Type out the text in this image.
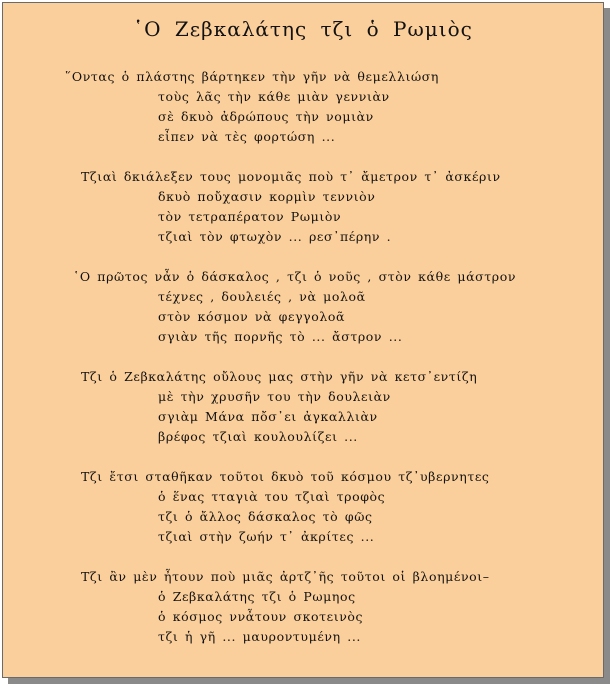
῾Ο Ζεβκαλάτης τζι ὁ Ρωμιὸς
῞Οντας ὁ πλάστης βάρτηκεν τὴν γῆν νὰ θεμελλιώση
τοὺς λᾶς τὴν κάθε μιὰν γεννιὰν
σὲ δκυὸ ἀδρώπους τὴν νομιὰν
εἶπεν νὰ τὲς φορτώση ...
Τζιαὶ δκιάλεξεν τους μονομιᾶς ποὺ τ᾽ ἄμετρον τ᾽ ἀσκέριν
δκυὸ ποὔχασιν κορμὶν τεννιὸν
τὸν τετραπέρατον Ρωμιὸν
τζιαὶ τὸν φτωχὸν ... ρεσ᾽πέρην .
῾Ο πρῶτος νἆν ὁ δάσκαλος , τζι ὁ νοῦς , στὸν κάθε μάστρον
τέχνες , δουλειές , νὰ μολοᾶ
στὸν κόσμον νὰ φεγγολοᾶ
σγιὰν τῆς πορνῆς τὸ ... ἄστρον ...
Τζι ὁ Ζεβκαλάτης οὔλους μας στὴν γῆν νὰ κετσ᾽εντίζη
μὲ τὴν χρυσῆν του τὴν δουλειὰν
σγιὰμ Μάνα πὄσ᾽ει ἀγκαλλιὰν
βρέφος τζιαὶ κουλουλίζει ...
Τζι ἔτσι σταθῆκαν τοῦτοι δκυὸ τοῦ κόσμου τζ᾽υβερνητες
ὁ ἕνας τταγιὰ του τζιαὶ τροφὸς
τζι ὁ ἄλλος δάσκαλος τὸ φῶς
τζιαὶ στὴν ζωήν τ᾽ ἀκρίτες ...
Τζι ἂν μὲν ἦτουν ποὺ μιᾶς ἀρτζ᾽ῆς τοῦτοι οἱ βλοημένοι–
ὁ Ζεβκαλάτης τζι ὁ Ρωμηος
ὁ κόσμος ννἆτουν σκοτεινὸς
τζι ἡ γῆ ... μαυροντυμένη ...
